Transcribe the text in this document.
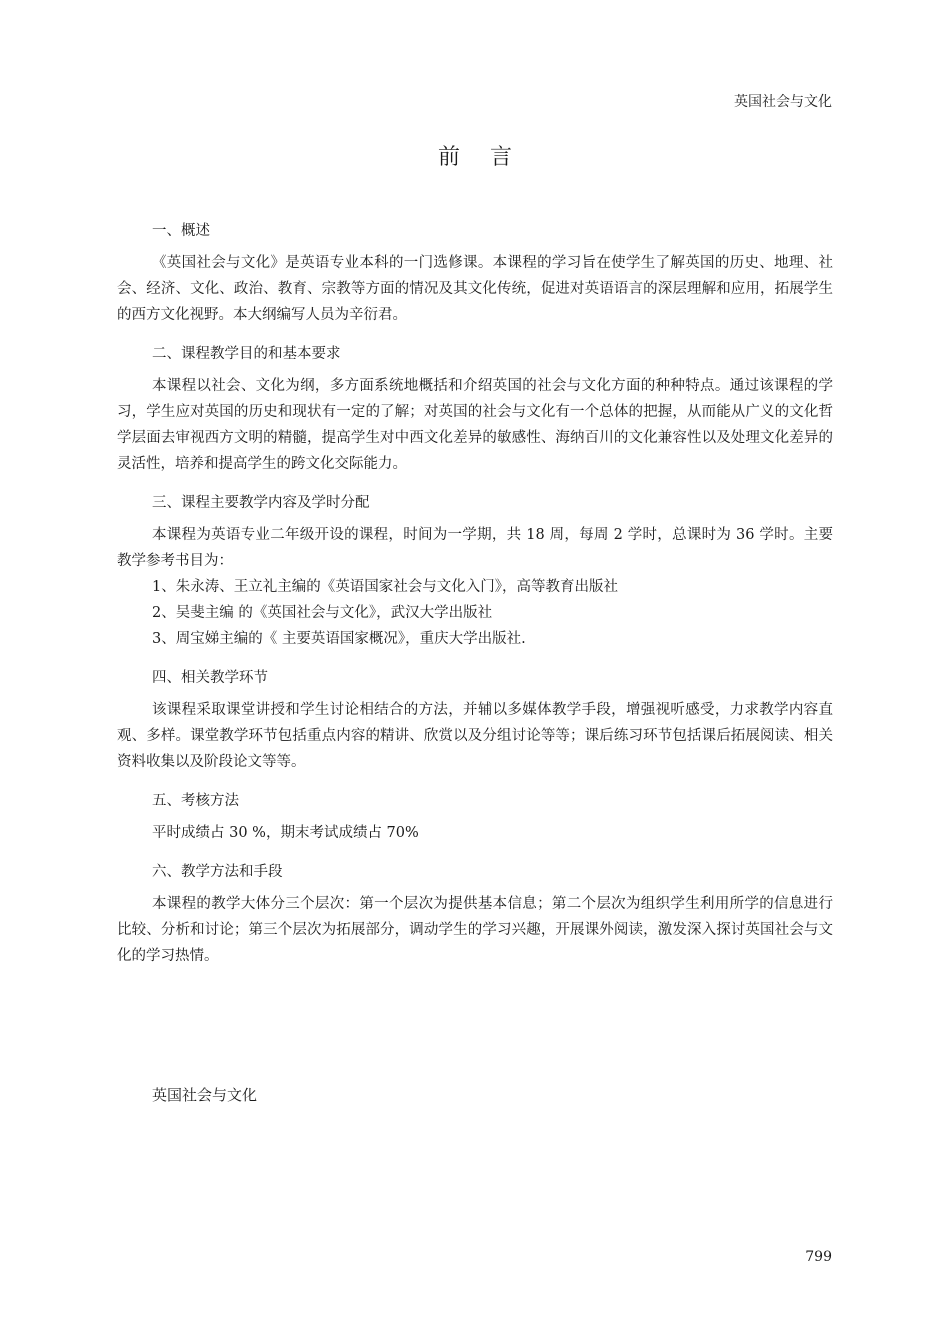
英国社会与文化
前言
一、概述

《英国社会与文化》是英语专业本科的一门选修课。本课程的学习旨在使学生了解英国的历史、地理、社会、经济、文化、政治、教育、宗教等方面的情况及其文化传统，促进对英语语言的深层理解和应用，拓展学生的西方文化视野。本大纲编写人员为辛衍君。

二、课程教学目的和基本要求

本课程以社会、文化为纲，多方面系统地概括和介绍英国的社会与文化方面的种种特点。通过该课程的学习，学生应对英国的历史和现状有一定的了解；对英国的社会与文化有一个总体的把握，从而能从广义的文化哲学层面去审视西方文明的精髓，提高学生对中西文化差异的敏感性、海纳百川的文化兼容性以及处理文化差异的灵活性，培养和提高学生的跨文化交际能力。

三、课程主要教学内容及学时分配

本课程为英语专业二年级开设的课程，时间为一学期，共 18 周，每周 2 学时，总课时为 36 学时。主要教学参考书目为：

1、朱永涛、王立礼主编的《英语国家社会与文化入门》，高等教育出版社
2、吴斐主编 的《英国社会与文化》，武汉大学出版社
3、周宝娣主编的《 主要英语国家概况》，重庆大学出版社.
四、相关教学环节

该课程采取课堂讲授和学生讨论相结合的方法，并辅以多媒体教学手段，增强视听感受，力求教学内容直观、多样。课堂教学环节包括重点内容的精讲、欣赏以及分组讨论等等；课后练习环节包括课后拓展阅读、相关资料收集以及阶段论文等等。

五、考核方法

平时成绩占 30 %，期末考试成绩占 70%

六、教学方法和手段

本课程的教学大体分三个层次：第一个层次为提供基本信息；第二个层次为组织学生利用所学的信息进行比较、分析和讨论；第三个层次为拓展部分，调动学生的学习兴趣，开展课外阅读，激发深入探讨英国社会与文化的学习热情。

英国社会与文化
799
